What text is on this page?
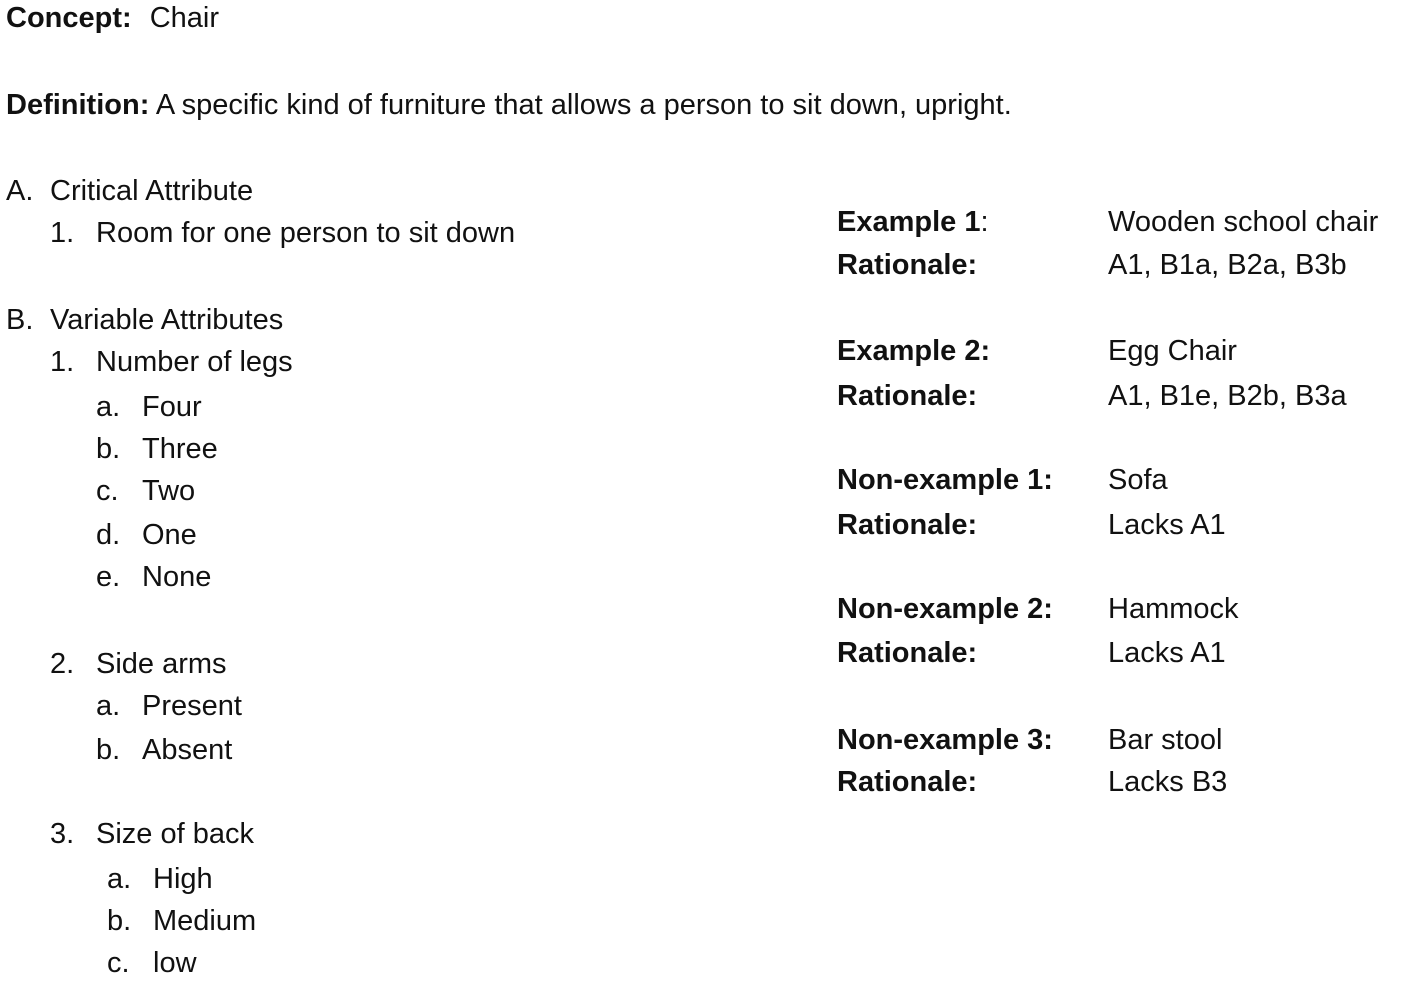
Concept: Chair
Definition: A specific kind of furniture that allows a person to sit down, upright.
A. Critical Attribute
1. Room for one person to sit down
B. Variable Attributes
1. Number of legs
a. Four
b. Three
c. Two
d. One
e. None
2. Side arms
a. Present
b. Absent
3. Size of back
a. High
b. Medium
c. low
Example 1:	Wooden school chair
Rationale:	A1, B1a, B2a, B3b
Example 2:	Egg Chair
Rationale:	A1, B1e, B2b, B3a
Non-example 1: Sofa
Rationale:	Lacks A1
Non-example 2: Hammock
Rationale:	Lacks A1
Non-example 3: Bar stool
Rationale:	Lacks B3
